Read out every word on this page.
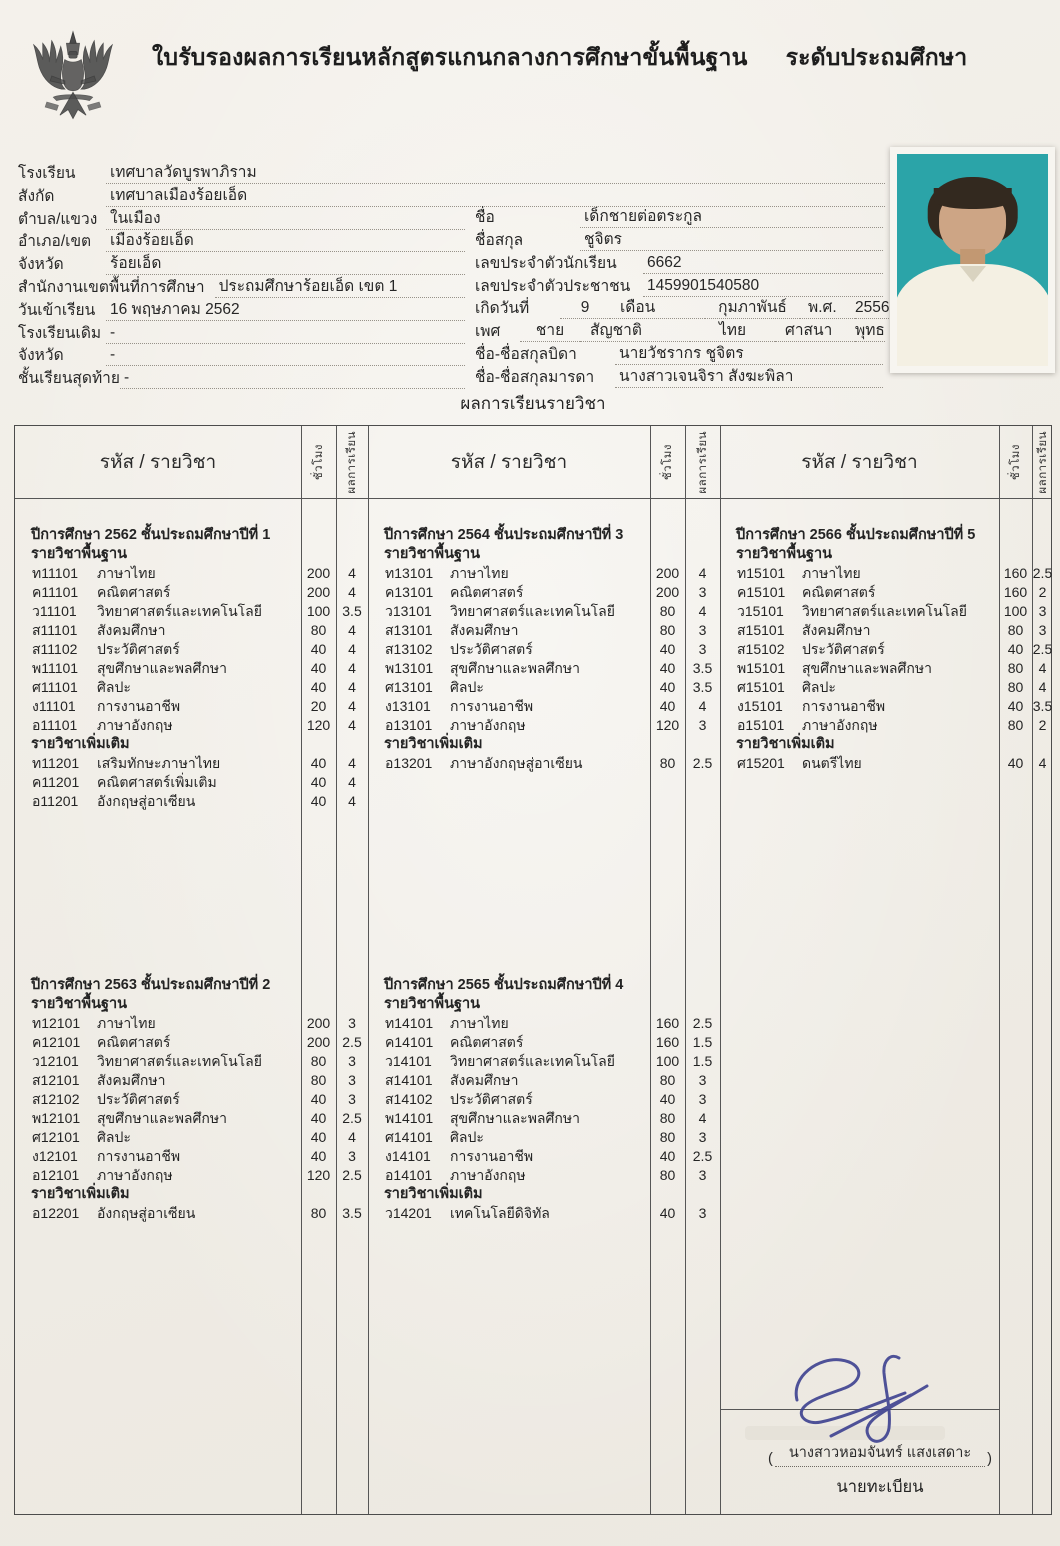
ใบรับรองผลการเรียนหลักสูตรแกนกลางการศึกษาขั้นพื้นฐาน ระดับประถมศึกษา
โรงเรียน	เทศบาลวัดบูรพาภิราม
สังกัด	เทศบาลเมืองร้อยเอ็ด
ตำบล/แขวง ในเมือง
อำเภอ/เขต	เมืองร้อยเอ็ด
จังหวัด	ร้อยเอ็ด
สำนักงานเขตพื้นที่การศึกษา ประถมศึกษาร้อยเอ็ด เขต 1
วันเข้าเรียน 16 พฤษภาคม 2562
โรงเรียนเดิม -
จังหวัด	-
ชั้นเรียนสุดท้าย -
ชื่อ	เด็กชายต่อตระกูล
ชื่อสกุล	ชูจิตร
เลขประจำตัวนักเรียน	6662
เลขประจำตัวประชาชน	1459901540580
เกิดวันที่	9	เดือน	กุมภาพันธ์	พ.ศ.	2556
เพศ	ชาย	สัญชาติ	ไทย	ศาสนา	พุทธ
ชื่อ-ชื่อสกุลบิดา	นายวัชรากร ชูจิตร
ชื่อ-ชื่อสกุลมารดา	นางสาวเจนจิรา สังฆะพิลา
ผลการเรียนรายวิชา
รหัส / รายวิชา	ชั่วโมง ผลการเรียน	รหัส / รายวิชา	ชั่วโมง ผลการเรียน	รหัส / รายวิชา	ชั่วโมง ผลการเรียน
ปีการศึกษา 2562 ชั้นประถมศึกษาปีที่ 1
รายวิชาพื้นฐาน
ท11101	ภาษาไทย	200	4
ค11101	คณิตศาสตร์	200	4
ว11101	วิทยาศาสตร์และเทคโนโลยี	100 3.5
ส11101	สังคมศึกษา	80	4
ส11102	ประวัติศาสตร์	40	4
พ11101	สุขศึกษาและพลศึกษา	40	4
ศ11101	ศิลปะ	40	4
ง11101	การงานอาชีพ	20	4
อ11101	ภาษาอังกฤษ	120	4
รายวิชาเพิ่มเติม
ท11201	เสริมทักษะภาษาไทย	40	4
ค11201	คณิตศาสตร์เพิ่มเติม	40	4
อ11201	อังกฤษสู่อาเซียน	40	4
ปีการศึกษา 2563 ชั้นประถมศึกษาปีที่ 2
รายวิชาพื้นฐาน
ท12101	ภาษาไทย	200	3
ค12101	คณิตศาสตร์	200 2.5
ว12101	วิทยาศาสตร์และเทคโนโลยี	80	3
ส12101	สังคมศึกษา	80	3
ส12102	ประวัติศาสตร์	40	3
พ12101	สุขศึกษาและพลศึกษา	40	2.5
ศ12101	ศิลปะ	40	4
ง12101	การงานอาชีพ	40	3
อ12101	ภาษาอังกฤษ	120 2.5
รายวิชาเพิ่มเติม
อ12201	อังกฤษสู่อาเซียน	80	3.5
ปีการศึกษา 2564 ชั้นประถมศึกษาปีที่ 3
รายวิชาพื้นฐาน
ท13101	ภาษาไทย	200	4
ค13101	คณิตศาสตร์	200	3
ว13101	วิทยาศาสตร์และเทคโนโลยี	80	4
ส13101	สังคมศึกษา	80	3
ส13102	ประวัติศาสตร์	40	3
พ13101	สุขศึกษาและพลศึกษา	40	3.5
ศ13101	ศิลปะ	40	3.5
ง13101	การงานอาชีพ	40	4
อ13101	ภาษาอังกฤษ	120	3
รายวิชาเพิ่มเติม
อ13201	ภาษาอังกฤษสู่อาเซียน	80	2.5
ปีการศึกษา 2565 ชั้นประถมศึกษาปีที่ 4
รายวิชาพื้นฐาน
ท14101	ภาษาไทย	160 2.5
ค14101	คณิตศาสตร์	160 1.5
ว14101	วิทยาศาสตร์และเทคโนโลยี	100 1.5
ส14101	สังคมศึกษา	80	3
ส14102	ประวัติศาสตร์	40	3
พ14101	สุขศึกษาและพลศึกษา	80	4
ศ14101	ศิลปะ	80	3
ง14101	การงานอาชีพ	40	2.5
อ14101	ภาษาอังกฤษ	80	3
รายวิชาเพิ่มเติม
ว14201	เทคโนโลยีดิจิทัล	40	3
ปีการศึกษา 2566 ชั้นประถมศึกษาปีที่ 5
รายวิชาพื้นฐาน
ท15101	ภาษาไทย	160 2.5
ค15101	คณิตศาสตร์	160 2
ว15101	วิทยาศาสตร์และเทคโนโลยี	100 3
ส15101	สังคมศึกษา	80	3
ส15102	ประวัติศาสตร์	40 2.5
พ15101	สุขศึกษาและพลศึกษา	80	4
ศ15101	ศิลปะ	80	4
ง15101	การงานอาชีพ	40 3.5
อ15101	ภาษาอังกฤษ	80	2
รายวิชาเพิ่มเติม
ศ15201	ดนตรีไทย	40	4
(	นางสาวหอมจันทร์ แสงเสดาะ	)
นายทะเบียน
